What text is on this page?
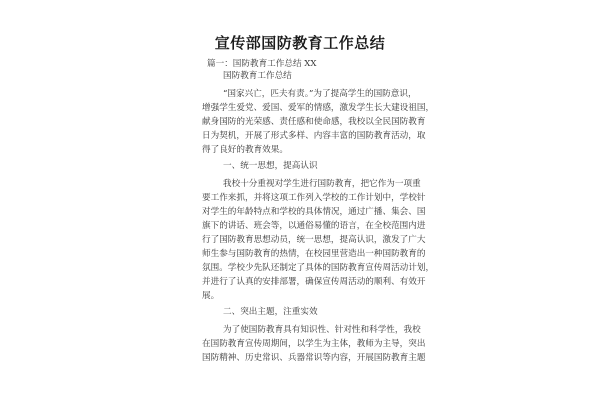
宣传部国防教育工作总结
篇一：国防教育工作总结 XX
国防教育工作总结
“国家兴亡，匹夫有责。”为了提高学生的国防意识，
增强学生爱党、爱国、爱军的情感，激发学生长大建设祖国，
献身国防的光荣感、责任感和使命感，我校以全民国防教育
日为契机，开展了形式多样、内容丰富的国防教育活动，取
得了良好的教育效果。
一、统一思想，提高认识
我校十分重视对学生进行国防教育，把它作为一项重
要工作来抓，并将这项工作列入学校的工作计划中，学校针
对学生的年龄特点和学校的具体情况，通过广播、集会、国
旗下的讲话、班会等，以通俗易懂的语言，在全校范围内进
行了国防教育思想动员，统一思想，提高认识，激发了广大
师生参与国防教育的热情，在校园里营造出一种国防教育的
氛围。学校少先队还制定了具体的国防教育宣传周活动计划，
并进行了认真的安排部署，确保宣传周活动的顺利、有效开
展。
二、突出主题，注重实效
为了使国防教育具有知识性、针对性和科学性，我校
在国防教育宣传周期间，以学生为主体，教师为主导，突出
国防精神、历史常识、兵器常识等内容，开展国防教育主题
